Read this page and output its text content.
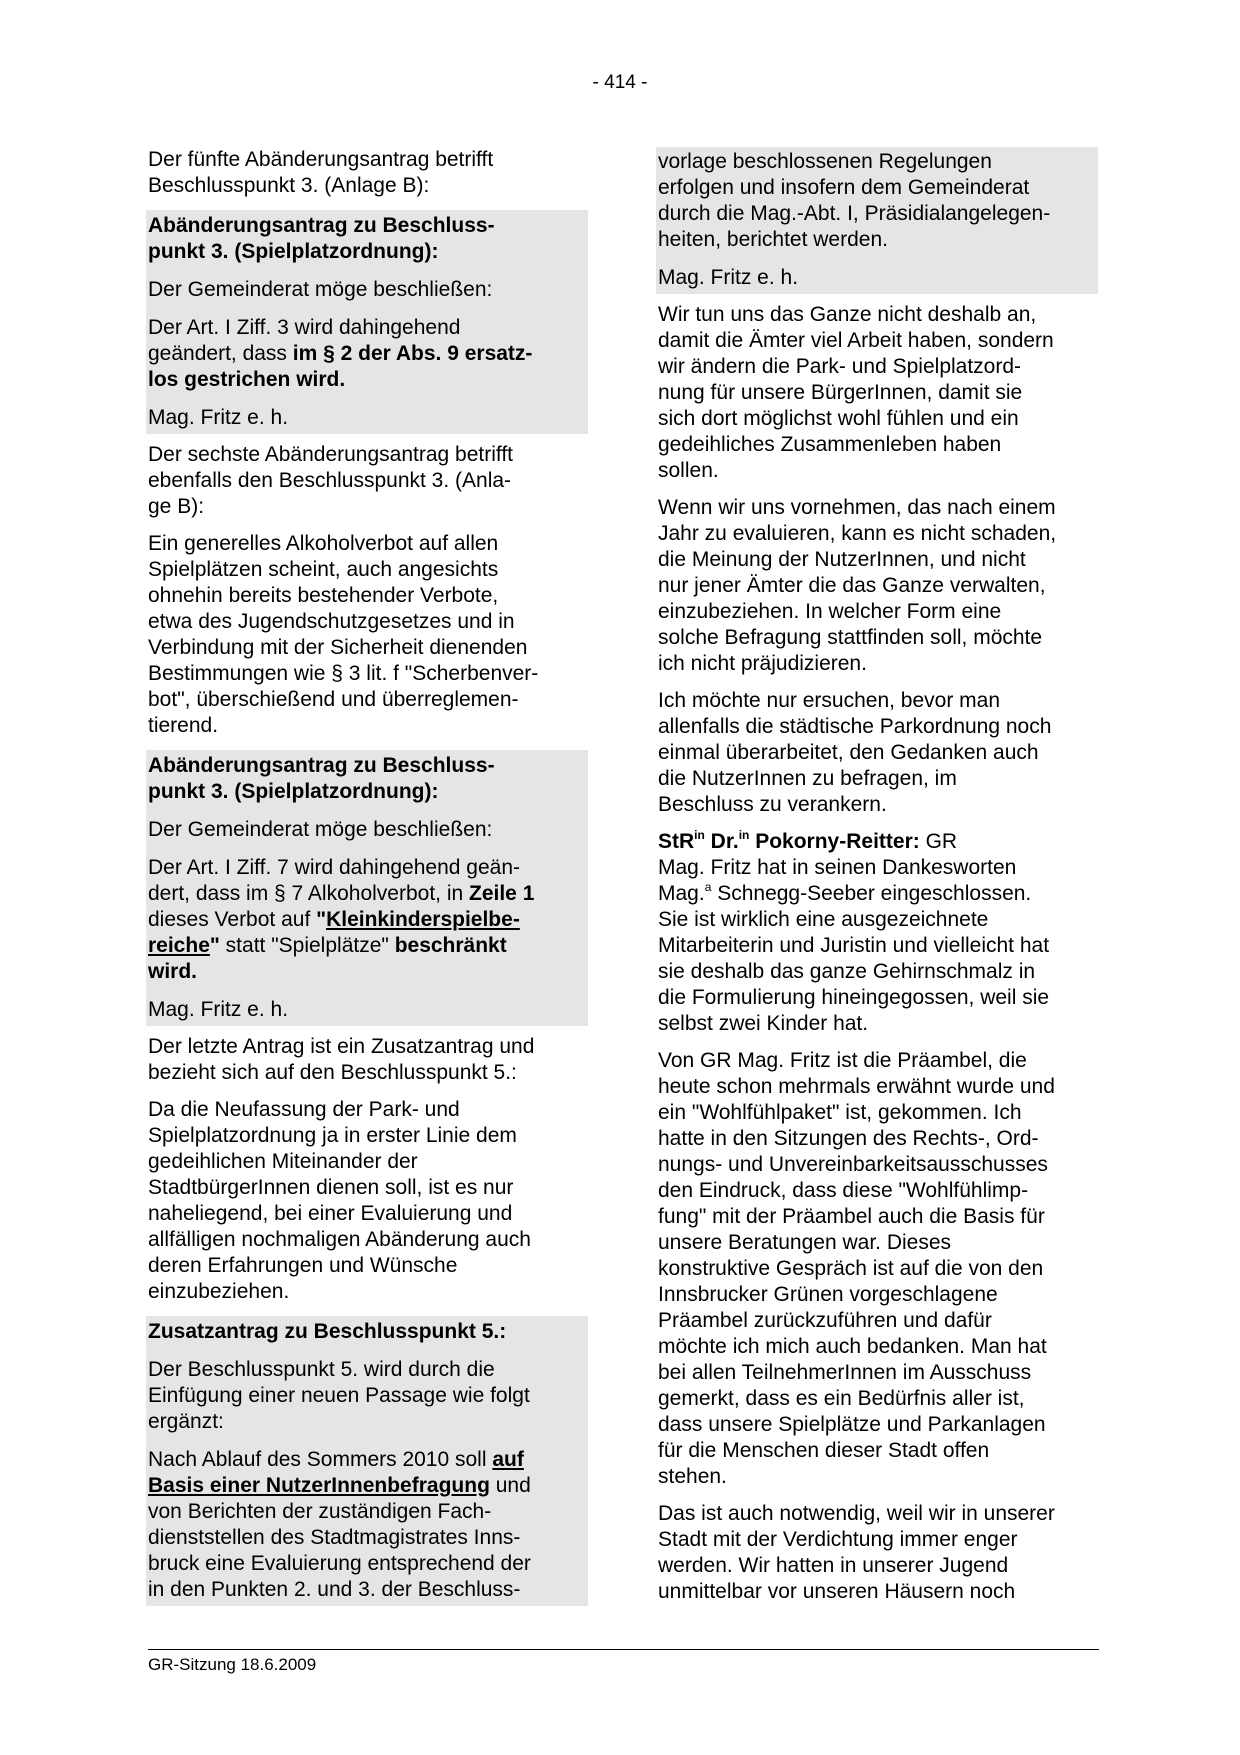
- 414 -
Der fünfte Abänderungsantrag betrifft
Beschlusspunkt 3. (Anlage B):
Abänderungsantrag zu Beschluss-
punkt 3. (Spielplatzordnung):
Der Gemeinderat möge beschließen:
Der Art. I Ziff. 3 wird dahingehend
geändert, dass im § 2 der Abs. 9 ersatz-
los gestrichen wird.
Mag. Fritz e. h.
Der sechste Abänderungsantrag betrifft
ebenfalls den Beschlusspunkt 3. (Anla-
ge B):
Ein generelles Alkoholverbot auf allen
Spielplätzen scheint, auch angesichts
ohnehin bereits bestehender Verbote,
etwa des Jugendschutzgesetzes und in
Verbindung mit der Sicherheit dienenden
Bestimmungen wie § 3 lit. f "Scherbenver-
bot", überschießend und überreglemen-
tierend.
Abänderungsantrag zu Beschluss-
punkt 3. (Spielplatzordnung):
Der Gemeinderat möge beschließen:
Der Art. I Ziff. 7 wird dahingehend geän-
dert, dass im § 7 Alkoholverbot, in Zeile 1
dieses Verbot auf "Kleinkinderspielbe-
reiche" statt "Spielplätze" beschränkt
wird.
Mag. Fritz e. h.
Der letzte Antrag ist ein Zusatzantrag und
bezieht sich auf den Beschlusspunkt 5.:
Da die Neufassung der Park- und
Spielplatzordnung ja in erster Linie dem
gedeihlichen Miteinander der
StadtbürgerInnen dienen soll, ist es nur
naheliegend, bei einer Evaluierung und
allfälligen nochmaligen Abänderung auch
deren Erfahrungen und Wünsche
einzubeziehen.
Zusatzantrag zu Beschlusspunkt 5.:
Der Beschlusspunkt 5. wird durch die
Einfügung einer neuen Passage wie folgt
ergänzt:
Nach Ablauf des Sommers 2010 soll auf
Basis einer NutzerInnenbefragung und
von Berichten der zuständigen Fach-
dienststellen des Stadtmagistrates Inns-
bruck eine Evaluierung entsprechend der
in den Punkten 2. und 3. der Beschluss-
vorlage beschlossenen Regelungen
erfolgen und insofern dem Gemeinderat
durch die Mag.-Abt. I, Präsidialangelegen-
heiten, berichtet werden.
Mag. Fritz e. h.
Wir tun uns das Ganze nicht deshalb an,
damit die Ämter viel Arbeit haben, sondern
wir ändern die Park- und Spielplatzord-
nung für unsere BürgerInnen, damit sie
sich dort möglichst wohl fühlen und ein
gedeihliches Zusammenleben haben
sollen.
Wenn wir uns vornehmen, das nach einem
Jahr zu evaluieren, kann es nicht schaden,
die Meinung der NutzerInnen, und nicht
nur jener Ämter die das Ganze verwalten,
einzubeziehen. In welcher Form eine
solche Befragung stattfinden soll, möchte
ich nicht präjudizieren.
Ich möchte nur ersuchen, bevor man
allenfalls die städtische Parkordnung noch
einmal überarbeitet, den Gedanken auch
die NutzerInnen zu befragen, im
Beschluss zu verankern.
StR$^{in}$ Dr.$^{in}$ Pokorny-Reitter: GR
Mag. Fritz hat in seinen Dankesworten
Mag.$^a$ Schnegg-Seeber eingeschlossen.
Sie ist wirklich eine ausgezeichnete
Mitarbeiterin und Juristin und vielleicht hat
sie deshalb das ganze Gehirnschmalz in
die Formulierung hineingegossen, weil sie
selbst zwei Kinder hat.
Von GR Mag. Fritz ist die Präambel, die
heute schon mehrmals erwähnt wurde und
ein "Wohlfühlpaket" ist, gekommen. Ich
hatte in den Sitzungen des Rechts-, Ord-
nungs- und Unvereinbarkeitsausschusses
den Eindruck, dass diese "Wohlfühlimp-
fung" mit der Präambel auch die Basis für
unsere Beratungen war. Dieses
konstruktive Gespräch ist auf die von den
Innsbrucker Grünen vorgeschlagene
Präambel zurückzuführen und dafür
möchte ich mich auch bedanken. Man hat
bei allen TeilnehmerInnen im Ausschuss
gemerkt, dass es ein Bedürfnis aller ist,
dass unsere Spielplätze und Parkanlagen
für die Menschen dieser Stadt offen
stehen.
Das ist auch notwendig, weil wir in unserer
Stadt mit der Verdichtung immer enger
werden. Wir hatten in unserer Jugend
unmittelbar vor unseren Häusern noch
GR-Sitzung 18.6.2009
